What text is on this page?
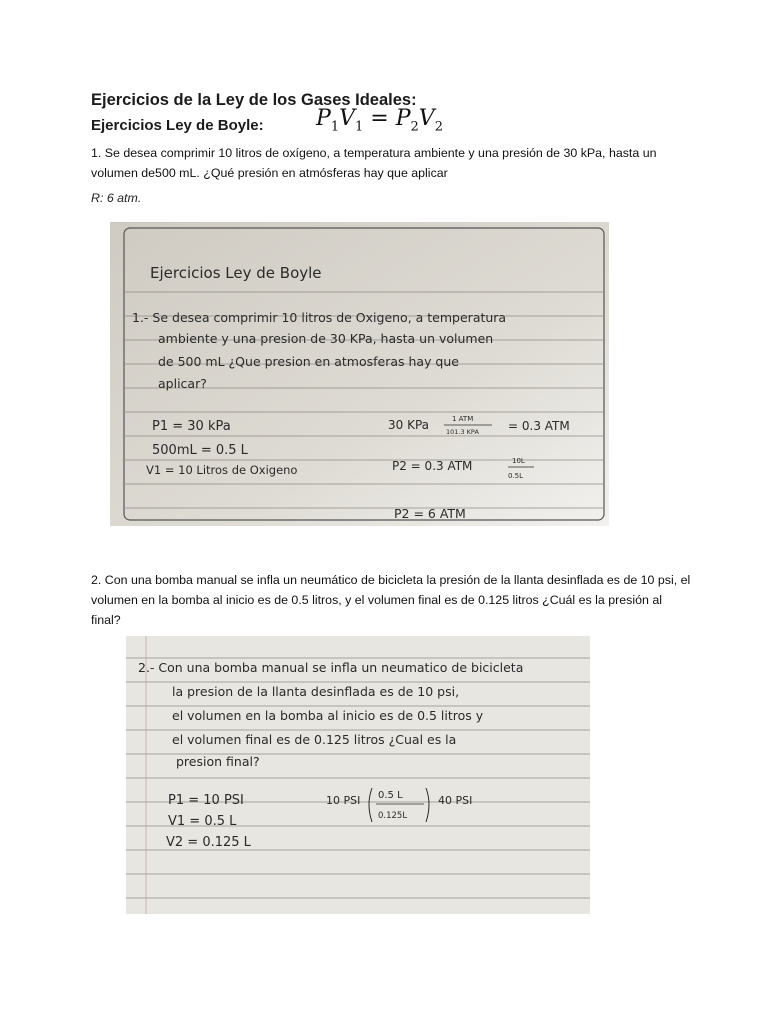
Ejercicios de la Ley de los Gases Ideales:
Ejercicios Ley de Boyle: $P_1V_1 = P_2V_2$

1. Se desea comprimir 10 litros de oxígeno, a temperatura ambiente y una presión de 30 kPa, hasta un volumen de500 mL. ¿Qué presión en atmósferas hay que aplicar

R: 6 atm.
Ejercicios Ley de Boyle
1.- Se desea comprimir 10 litros de Oxigeno, a temperatura
ambiente y una presion de 30 KPa, hasta un volumen
de 500 mL ¿Que presion en atmosferas hay que
aplicar?
P1 = 30 kPa
500mL = 0.5 L
V1 = 10 Litros de Oxigeno
30 KPa	1 ATM
101.3 KPA = 0.3 ATM
P2 = 0.3 ATM	10L
0.5L
P2 = 6 ATM

2. Con una bomba manual se infla un neumático de bicicleta la presión de la llanta desinflada es de 10 psi, el volumen en la bomba al inicio es de 0.5 litros, y el volumen final es de 0.125 litros ¿Cuál es la presión al final?

2.- Con una bomba manual se infla un neumatico de bicicleta
la presion de la llanta desinflada es de 10 psi,
el volumen en la bomba al inicio es de 0.5 litros y
el volumen final es de 0.125 litros ¿Cual es la
presion final?
P1 = 10 PSI
V1 = 0.5 L
V2 = 0.125 L
10 PSI 0.5 L
0.125L
40 PSI
